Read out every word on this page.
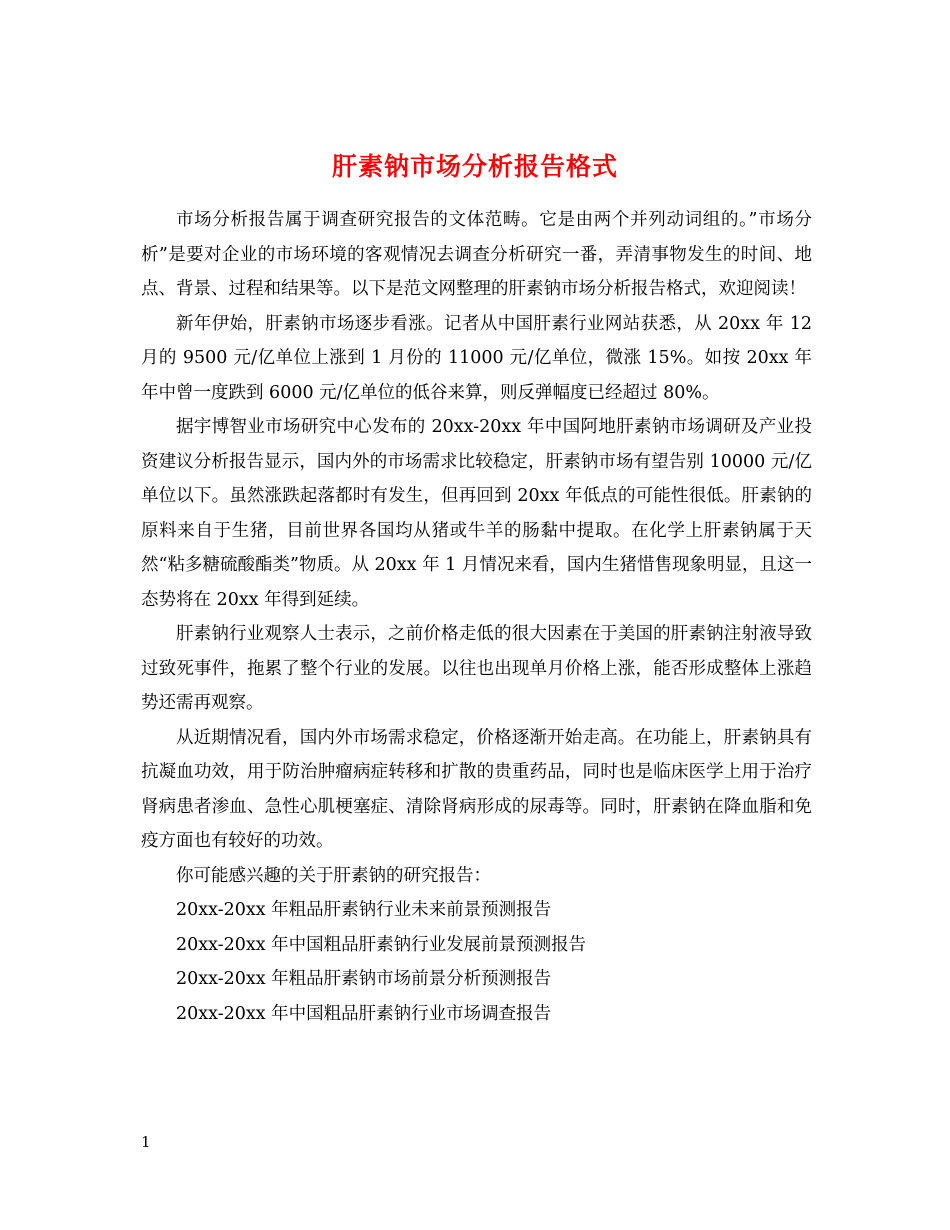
肝素钠市场分析报告格式

市场分析报告属于调查研究报告的文体范畴。它是由两个并列动词组的。”市场分析”是要对企业的市场环境的客观情况去调查分析研究一番，弄清事物发生的时间、地点、背景、过程和结果等。以下是范文网整理的肝素钠市场分析报告格式，欢迎阅读！

新年伊始，肝素钠市场逐步看涨。记者从中国肝素行业网站获悉，从 20xx 年 12 月的 9500 元/亿单位上涨到 1 月份的 11000 元/亿单位，微涨 15%。如按 20xx 年年中曾一度跌到 6000 元/亿单位的低谷来算，则反弹幅度已经超过 80%。

据宇博智业市场研究中心发布的 20xx-20xx 年中国阿地肝素钠市场调研及产业投资建议分析报告显示，国内外的市场需求比较稳定，肝素钠市场有望告别 10000 元/亿单位以下。虽然涨跌起落都时有发生，但再回到 20xx 年低点的可能性很低。肝素钠的原料来自于生猪，目前世界各国均从猪或牛羊的肠黏中提取。在化学上肝素钠属于天然“粘多糖硫酸酯类”物质。从 20xx 年 1 月情况来看，国内生猪惜售现象明显，且这一态势将在 20xx 年得到延续。

肝素钠行业观察人士表示，之前价格走低的很大因素在于美国的肝素钠注射液导致过致死事件，拖累了整个行业的发展。以往也出现单月价格上涨，能否形成整体上涨趋势还需再观察。

从近期情况看，国内外市场需求稳定，价格逐渐开始走高。在功能上，肝素钠具有抗凝血功效，用于防治肿瘤病症转移和扩散的贵重药品，同时也是临床医学上用于治疗肾病患者渗血、急性心肌梗塞症、清除肾病形成的尿毒等。同时，肝素钠在降血脂和免疫方面也有较好的功效。

你可能感兴趣的关于肝素钠的研究报告：

20xx-20xx 年粗品肝素钠行业未来前景预测报告

20xx-20xx 年中国粗品肝素钠行业发展前景预测报告

20xx-20xx 年粗品肝素钠市场前景分析预测报告

20xx-20xx 年中国粗品肝素钠行业市场调查报告

1
